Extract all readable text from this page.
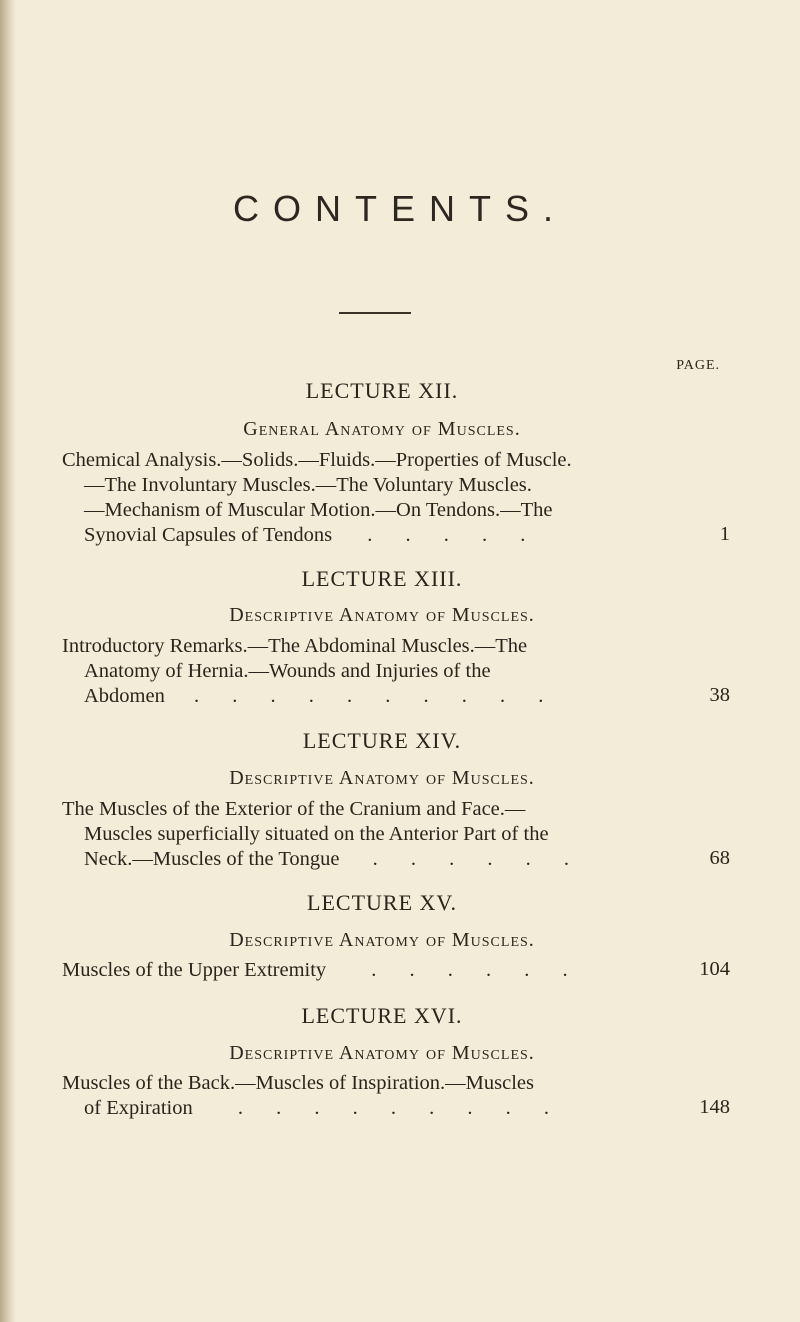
CONTENTS.
PAGE.
LECTURE XII.
General Anatomy of Muscles.
Chemical Analysis.—Solids.—Fluids.—Properties of Muscle.
—The Involuntary Muscles.—The Voluntary Muscles.
—Mechanism of Muscular Motion.—On Tendons.—The
Synovial Capsules of Tendons . . . . .	1
LECTURE XIII.
Descriptive Anatomy of Muscles.
Introductory Remarks.—The Abdominal Muscles.—The
Anatomy of Hernia.—Wounds and Injuries of the
Abdomen . . . . . . . . . .	38
LECTURE XIV.
Descriptive Anatomy of Muscles.
The Muscles of the Exterior of the Cranium and Face.—
Muscles superficially situated on the Anterior Part of the
Neck.—Muscles of the Tongue . . . . . .	68
LECTURE XV.
Descriptive Anatomy of Muscles.
Muscles of the Upper Extremity . . . . . .	104
LECTURE XVI.
Descriptive Anatomy of Muscles.
Muscles of the Back.—Muscles of Inspiration.—Muscles
of Expiration . . . . . . . . .	148
